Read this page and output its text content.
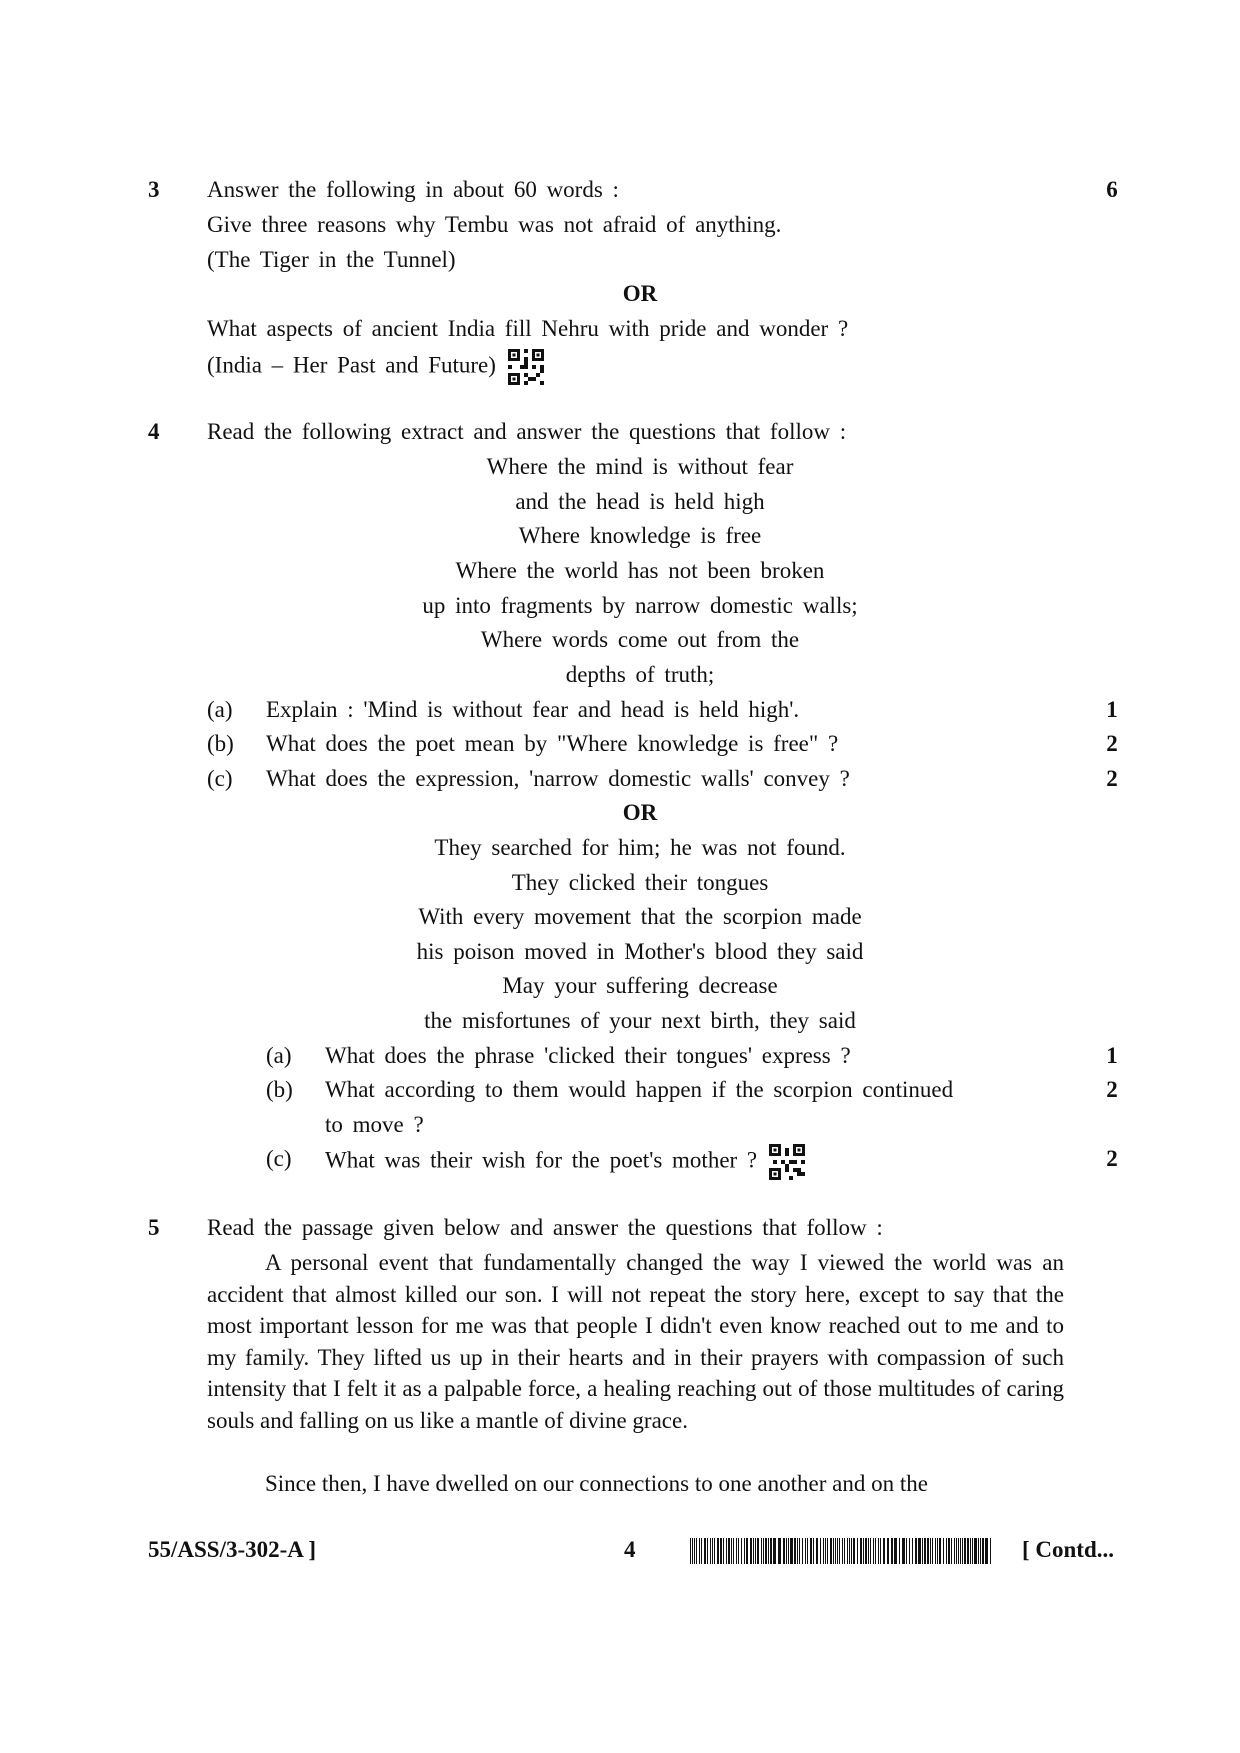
3 Answer the following in about 60 words :	6
Give three reasons why Tembu was not afraid of anything.
(The Tiger in the Tunnel)
OR
What aspects of ancient India fill Nehru with pride and wonder ?
(India – Her Past and Future)
4 Read the following extract and answer the questions that follow :
Where the mind is without fear
and the head is held high
Where knowledge is free
Where the world has not been broken
up into fragments by narrow domestic walls;
Where words come out from the
depths of truth;
(a) Explain : 'Mind is without fear and head is held high'.	1
(b) What does the poet mean by "Where knowledge is free" ?	2
(c) What does the expression, 'narrow domestic walls' convey ?	2
OR
They searched for him; he was not found.
They clicked their tongues
With every movement that the scorpion made
his poison moved in Mother's blood they said
May your suffering decrease
the misfortunes of your next birth, they said
(a) What does the phrase 'clicked their tongues' express ?	1
(b) What according to them would happen if the scorpion continued	2
to move ?
(c) What was their wish for the poet's mother ?	2
5 Read the passage given below and answer the questions that follow :
A personal event that fundamentally changed the way I viewed the world was an accident that almost killed our son. I will not repeat the story here, except to say that the most important lesson for me was that people I didn't even know reached out to me and to my family. They lifted us up in their hearts and in their prayers with compassion of such intensity that I felt it as a palpable force, a healing reaching out of those multitudes of caring souls and falling on us like a mantle of divine grace.
Since then, I have dwelled on our connections to one another and on the
55/ASS/3-302-A ]	4	[ Contd...
